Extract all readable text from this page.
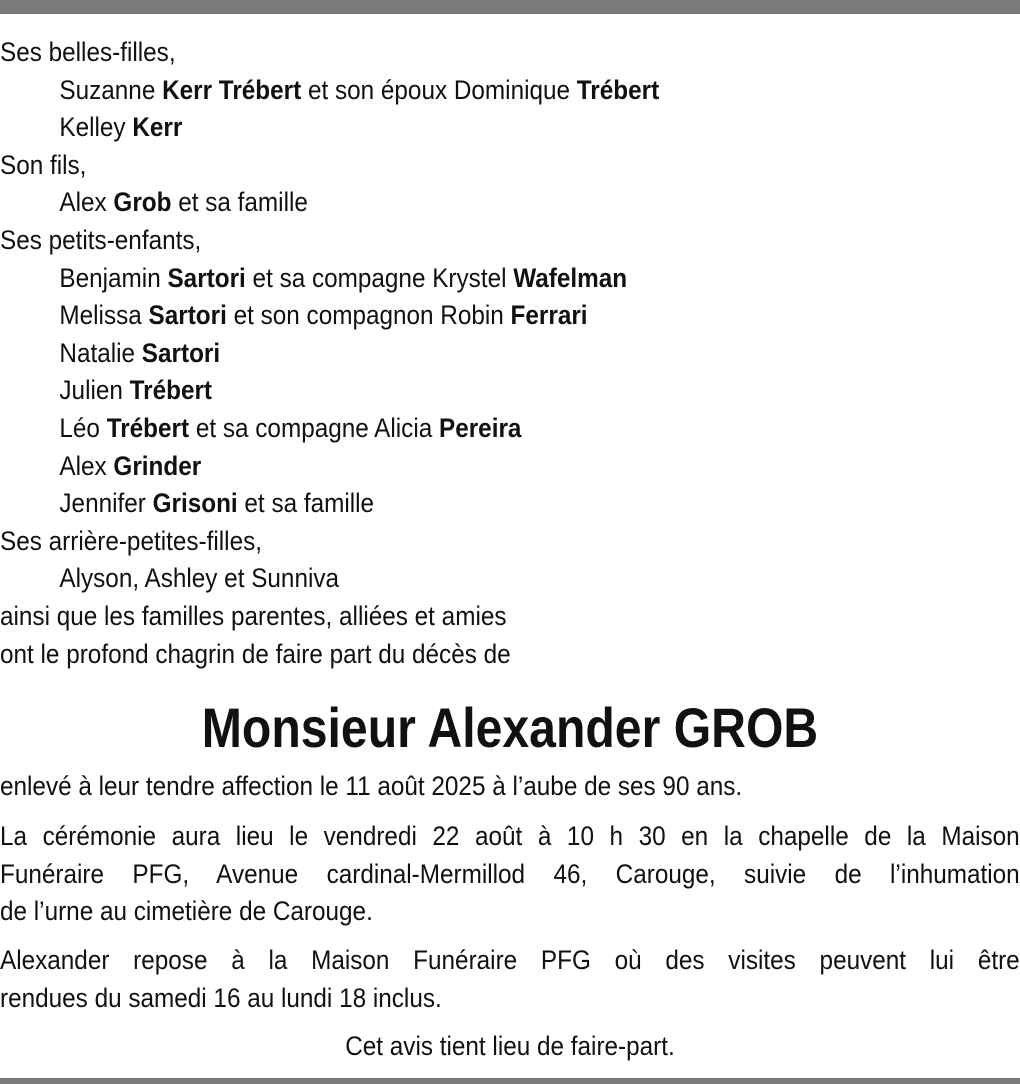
Ses belles-filles,
Suzanne Kerr Trébert et son époux Dominique Trébert
Kelley Kerr
Son fils,
Alex Grob et sa famille
Ses petits-enfants,
Benjamin Sartori et sa compagne Krystel Wafelman
Melissa Sartori et son compagnon Robin Ferrari
Natalie Sartori
Julien Trébert
Léo Trébert et sa compagne Alicia Pereira
Alex Grinder
Jennifer Grisoni et sa famille
Ses arrière-petites-filles,
Alyson, Ashley et Sunniva
ainsi que les familles parentes, alliées et amies
ont le profond chagrin de faire part du décès de
Monsieur Alexander GROB
enlevé à leur tendre affection le 11 août 2025 à l’aube de ses 90 ans.
La cérémonie aura lieu le vendredi 22 août à 10 h 30 en la chapelle de la Maison
Funéraire PFG, Avenue cardinal-Mermillod 46, Carouge, suivie de l’inhumation
de l’urne au cimetière de Carouge.
Alexander repose à la Maison Funéraire PFG où des visites peuvent lui être
rendues du samedi 16 au lundi 18 inclus.
Cet avis tient lieu de faire-part.
